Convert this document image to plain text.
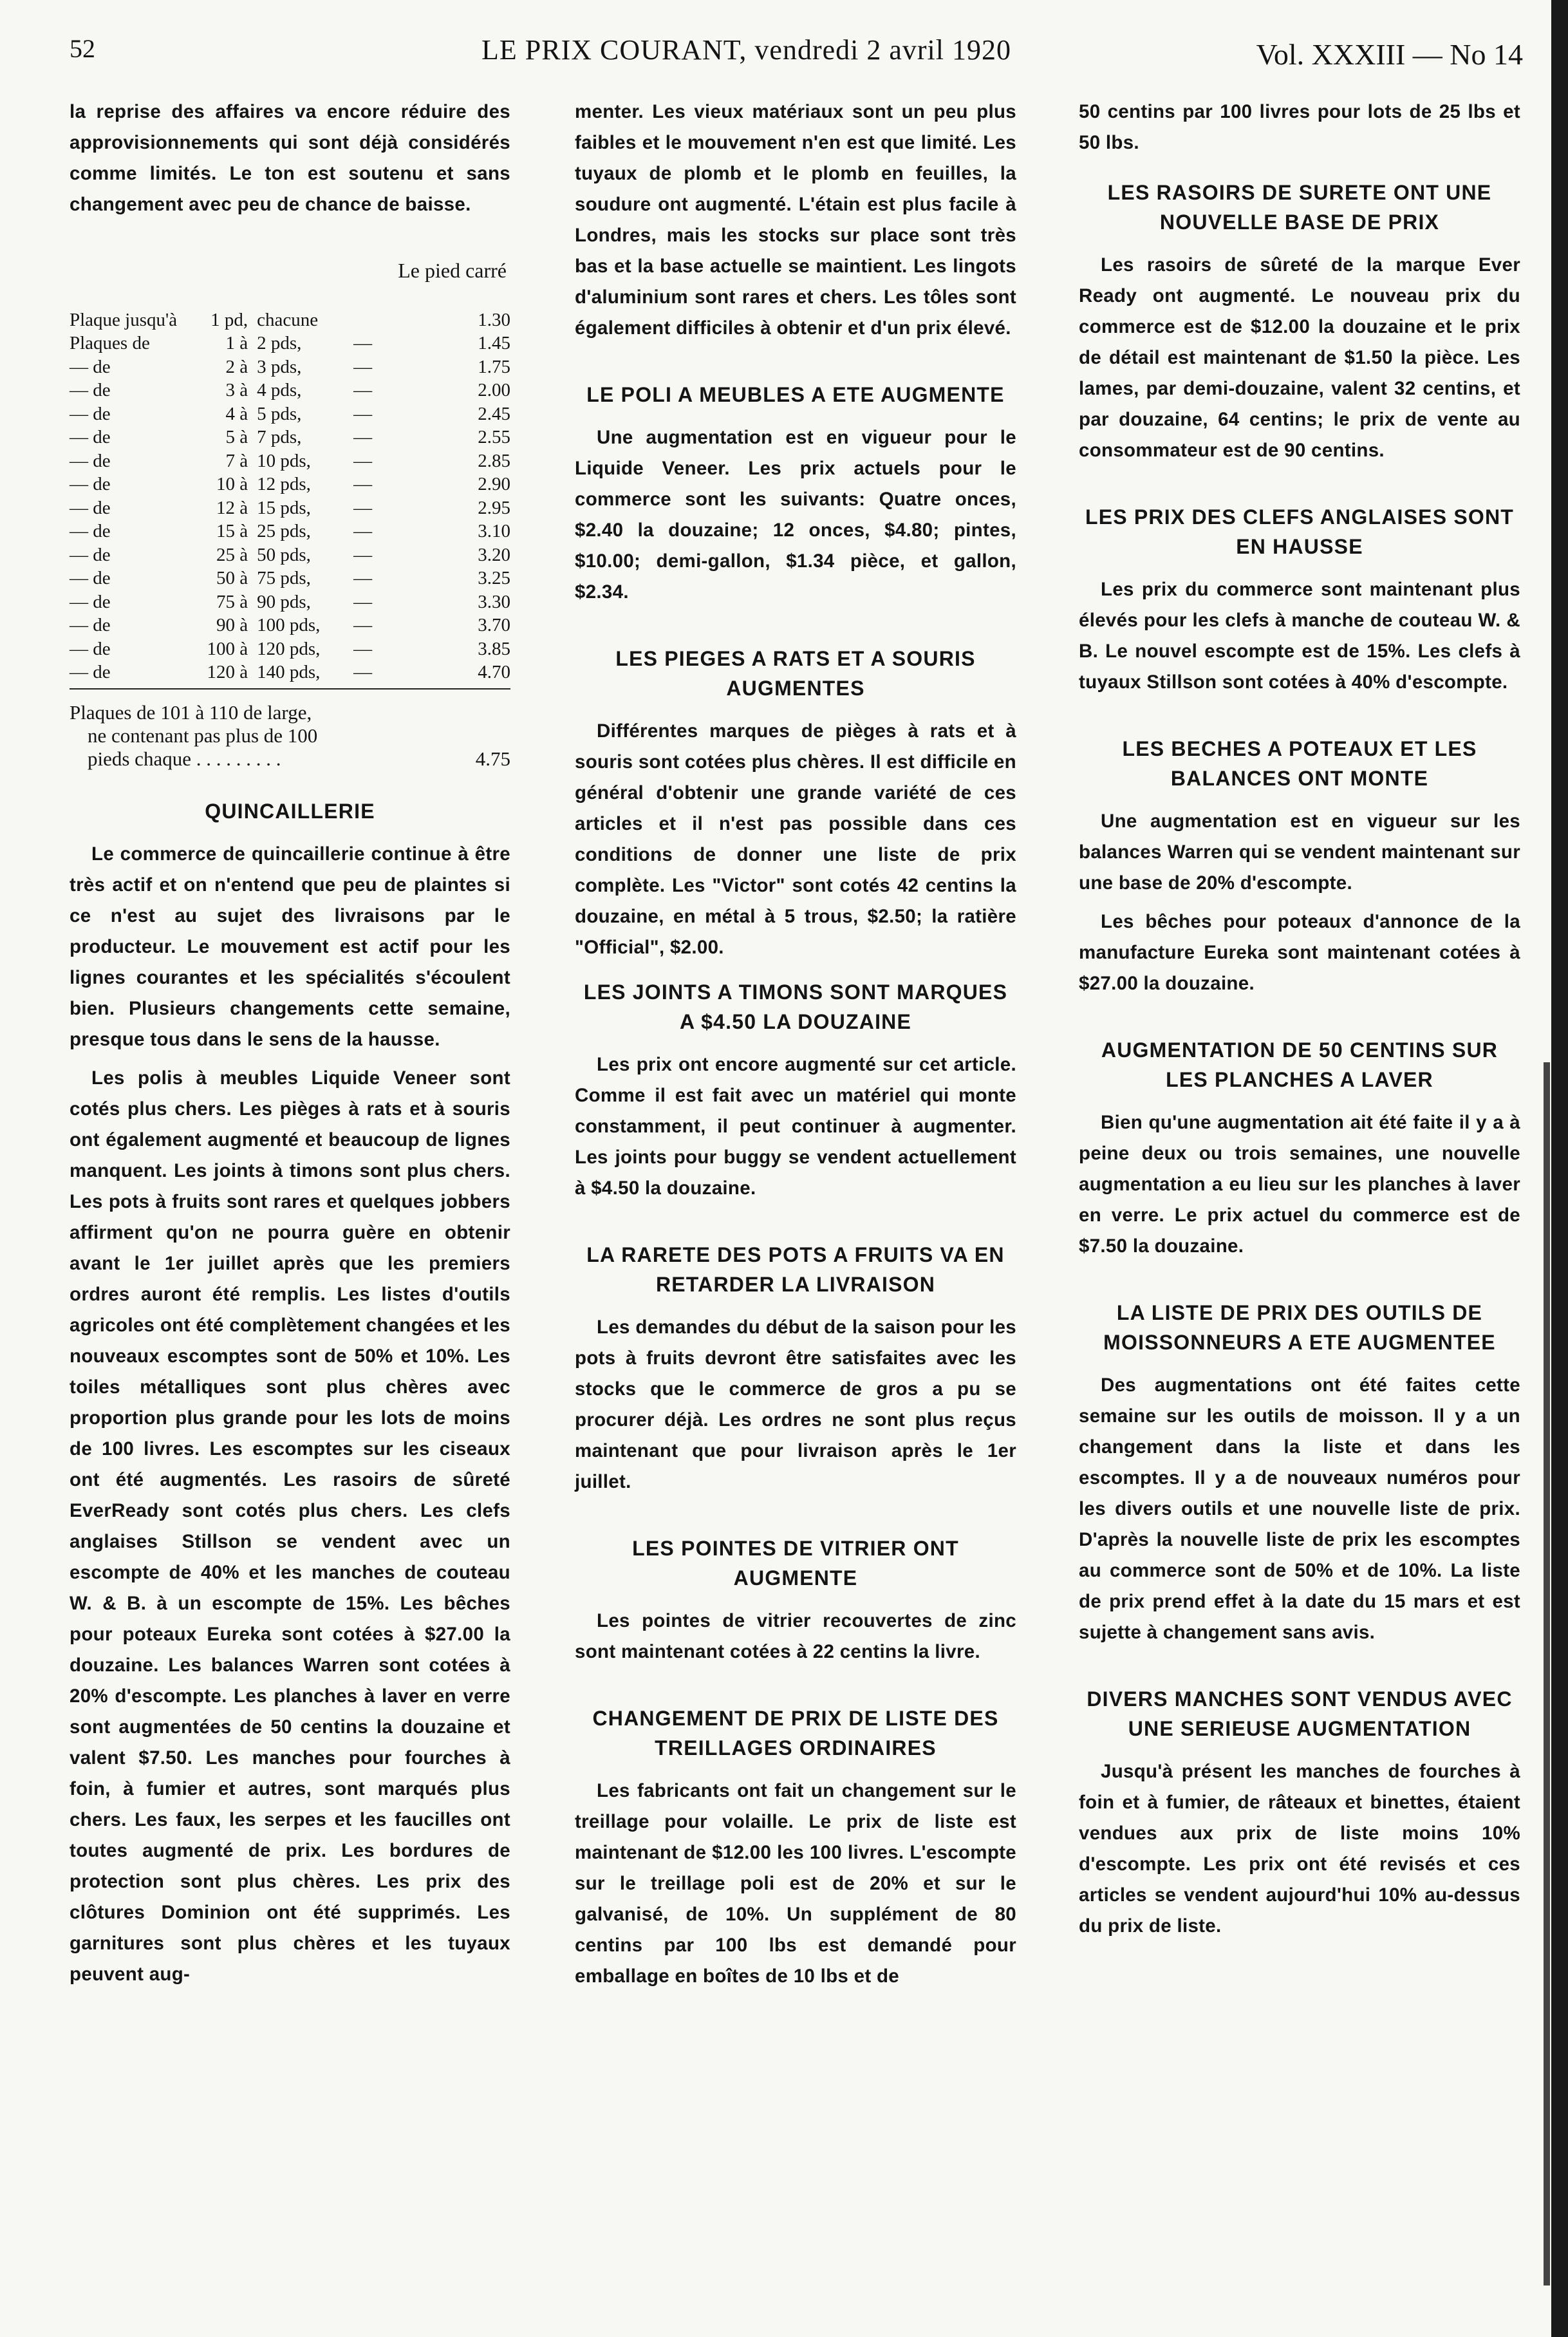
52	LE PRIX COURANT, vendredi 2 avril 1920	Vol. XXXIII — No 14

la reprise des affaires va encore réduire des approvisionnements qui sont déjà considérés comme limités. Le ton est soutenu et sans changement avec peu de chance de baisse.

Le pied carré
Plaque jusqu'à	1 pd,	chacune		1.30
Plaques de	1 à	2 pds,	—	1.45
— de	2 à	3 pds,	—	1.75
— de	3 à	4 pds,	—	2.00
— de	4 à	5 pds,	—	2.45
— de	5 à	7 pds,	—	2.55
— de	7 à	10 pds,	—	2.85
— de	10 à	12 pds,	—	2.90
— de	12 à	15 pds,	—	2.95
— de	15 à	25 pds,	—	3.10
— de	25 à	50 pds,	—	3.20
— de	50 à	75 pds,	—	3.25
— de	75 à	90 pds,	—	3.30
— de	90 à	100 pds,	—	3.70
— de	100 à	120 pds,	—	3.85
— de	120 à	140 pds,	—	4.70
Plaques de 101 à 110 de large,
ne contenant pas plus de 100
pieds chaque . . . . . . . . .	4.75
QUINCAILLERIE

Le commerce de quincaillerie continue à être très actif et on n'entend que peu de plaintes si ce n'est au sujet des livraisons par le producteur. Le mouvement est actif pour les lignes courantes et les spécialités s'écoulent bien. Plusieurs changements cette semaine, presque tous dans le sens de la hausse.

Les polis à meubles Liquide Veneer sont cotés plus chers. Les pièges à rats et à souris ont également augmenté et beaucoup de lignes manquent. Les joints à timons sont plus chers. Les pots à fruits sont rares et quelques jobbers affirment qu'on ne pourra guère en obtenir avant le 1er juillet après que les premiers ordres auront été remplis. Les listes d'outils agricoles ont été complètement changées et les nouveaux escomptes sont de 50% et 10%. Les toiles métalliques sont plus chères avec proportion plus grande pour les lots de moins de 100 livres. Les escomptes sur les ciseaux ont été augmentés. Les rasoirs de sûreté EverReady sont cotés plus chers. Les clefs anglaises Stillson se vendent avec un escompte de 40% et les manches de couteau W. & B. à un escompte de 15%. Les bêches pour poteaux Eureka sont cotées à $27.00 la douzaine. Les balances Warren sont cotées à 20% d'escompte. Les planches à laver en verre sont augmentées de 50 centins la douzaine et valent $7.50. Les manches pour fourches à foin, à fumier et autres, sont marqués plus chers. Les faux, les serpes et les faucilles ont toutes augmenté de prix. Les bordures de protection sont plus chères. Les prix des clôtures Dominion ont été supprimés. Les garnitures sont plus chères et les tuyaux peuvent aug-

menter. Les vieux matériaux sont un peu plus faibles et le mouvement n'en est que limité. Les tuyaux de plomb et le plomb en feuilles, la soudure ont augmenté. L'étain est plus facile à Londres, mais les stocks sur place sont très bas et la base actuelle se maintient. Les lingots d'aluminium sont rares et chers. Les tôles sont également difficiles à obtenir et d'un prix élevé.

LE POLI A MEUBLES A ETE AUGMENTE

Une augmentation est en vigueur pour le Liquide Veneer. Les prix actuels pour le commerce sont les suivants: Quatre onces, $2.40 la douzaine; 12 onces, $4.80; pintes, $10.00; demi-gallon, $1.34 pièce, et gallon, $2.34.

LES PIEGES A RATS ET A SOURIS AUGMENTES

Différentes marques de pièges à rats et à souris sont cotées plus chères. Il est difficile en général d'obtenir une grande variété de ces articles et il n'est pas possible dans ces conditions de donner une liste de prix complète. Les "Victor" sont cotés 42 centins la douzaine, en métal à 5 trous, $2.50; la ratière "Official", $2.00.

LES JOINTS A TIMONS SONT MARQUES A $4.50 LA DOUZAINE

Les prix ont encore augmenté sur cet article. Comme il est fait avec un matériel qui monte constamment, il peut continuer à augmenter. Les joints pour buggy se vendent actuellement à $4.50 la douzaine.

LA RARETE DES POTS A FRUITS VA EN RETARDER LA LIVRAISON

Les demandes du début de la saison pour les pots à fruits devront être satisfaites avec les stocks que le commerce de gros a pu se procurer déjà. Les ordres ne sont plus reçus maintenant que pour livraison après le 1er juillet.

LES POINTES DE VITRIER ONT AUGMENTE

Les pointes de vitrier recouvertes de zinc sont maintenant cotées à 22 centins la livre.

CHANGEMENT DE PRIX DE LISTE DES TREILLAGES ORDINAIRES

Les fabricants ont fait un changement sur le treillage pour volaille. Le prix de liste est maintenant de $12.00 les 100 livres. L'escompte sur le treillage poli est de 20% et sur le galvanisé, de 10%. Un supplément de 80 centins par 100 lbs est demandé pour emballage en boîtes de 10 lbs et de

50 centins par 100 livres pour lots de 25 lbs et 50 lbs.

LES RASOIRS DE SURETE ONT UNE NOUVELLE BASE DE PRIX

Les rasoirs de sûreté de la marque Ever Ready ont augmenté. Le nouveau prix du commerce est de $12.00 la douzaine et le prix de détail est maintenant de $1.50 la pièce. Les lames, par demi-douzaine, valent 32 centins, et par douzaine, 64 centins; le prix de vente au consommateur est de 90 centins.

LES PRIX DES CLEFS ANGLAISES SONT EN HAUSSE

Les prix du commerce sont maintenant plus élevés pour les clefs à manche de couteau W. & B. Le nouvel escompte est de 15%. Les clefs à tuyaux Stillson sont cotées à 40% d'escompte.

LES BECHES A POTEAUX ET LES BALANCES ONT MONTE

Une augmentation est en vigueur sur les balances Warren qui se vendent maintenant sur une base de 20% d'escompte.

Les bêches pour poteaux d'annonce de la manufacture Eureka sont maintenant cotées à $27.00 la douzaine.

AUGMENTATION DE 50 CENTINS SUR LES PLANCHES A LAVER

Bien qu'une augmentation ait été faite il y a à peine deux ou trois semaines, une nouvelle augmentation a eu lieu sur les planches à laver en verre. Le prix actuel du commerce est de $7.50 la douzaine.

LA LISTE DE PRIX DES OUTILS DE MOISSONNEURS A ETE AUGMENTEE

Des augmentations ont été faites cette semaine sur les outils de moisson. Il y a un changement dans la liste et dans les escomptes. Il y a de nouveaux numéros pour les divers outils et une nouvelle liste de prix. D'après la nouvelle liste de prix les escomptes au commerce sont de 50% et de 10%. La liste de prix prend effet à la date du 15 mars et est sujette à changement sans avis.

DIVERS MANCHES SONT VENDUS AVEC UNE SERIEUSE AUGMENTATION

Jusqu'à présent les manches de fourches à foin et à fumier, de râteaux et binettes, étaient vendues aux prix de liste moins 10% d'escompte. Les prix ont été revisés et ces articles se vendent aujourd'hui 10% au-dessus du prix de liste.
